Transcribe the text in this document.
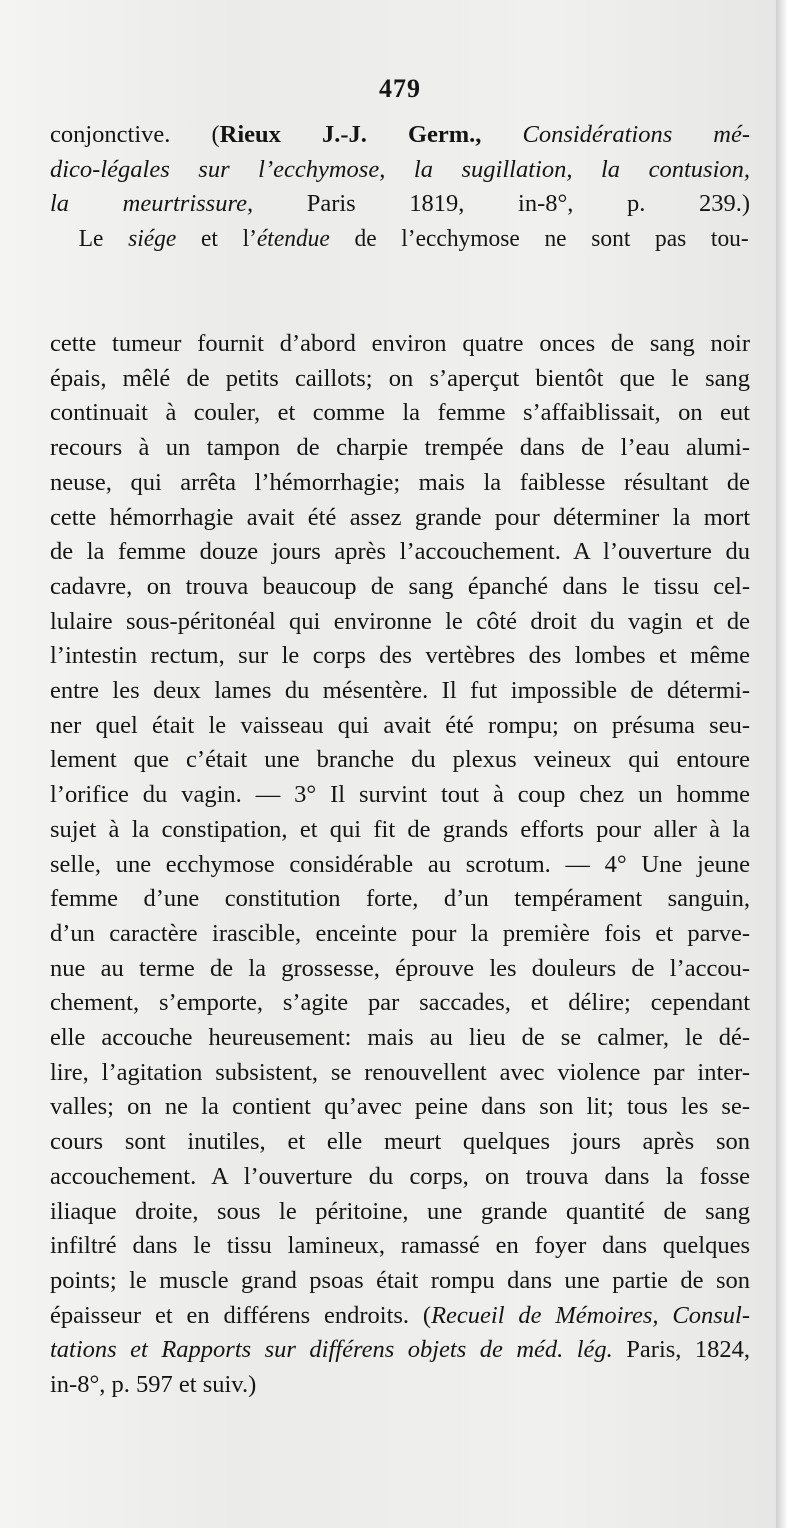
479
conjonctive. (Rieux J.-J. Germ., Considérations mé-
dico-légales sur l’ecchymose, la sugillation, la contusion,
la meurtrissure, Paris 1819, in-8°, p. 239.)
Le siége et l’étendue de l’ecchymose ne sont pas tou-
cette tumeur fournit d’abord environ quatre onces de sang noir
épais, mêlé de petits caillots; on s’aperçut bientôt que le sang
continuait à couler, et comme la femme s’affaiblissait, on eut
recours à un tampon de charpie trempée dans de l’eau alumi-
neuse, qui arrêta l’hémorrhagie; mais la faiblesse résultant de
cette hémorrhagie avait été assez grande pour déterminer la mort
de la femme douze jours après l’accouchement. A l’ouverture du
cadavre, on trouva beaucoup de sang épanché dans le tissu cel-
lulaire sous-péritonéal qui environne le côté droit du vagin et de
l’intestin rectum, sur le corps des vertèbres des lombes et même
entre les deux lames du mésentère. Il fut impossible de détermi-
ner quel était le vaisseau qui avait été rompu; on présuma seu-
lement que c’était une branche du plexus veineux qui entoure
l’orifice du vagin. — 3° Il survint tout à coup chez un homme
sujet à la constipation, et qui fit de grands efforts pour aller à la
selle, une ecchymose considérable au scrotum. — 4° Une jeune
femme d’une constitution forte, d’un tempérament sanguin,
d’un caractère irascible, enceinte pour la première fois et parve-
nue au terme de la grossesse, éprouve les douleurs de l’accou-
chement, s’emporte, s’agite par saccades, et délire; cependant
elle accouche heureusement: mais au lieu de se calmer, le dé-
lire, l’agitation subsistent, se renouvellent avec violence par inter-
valles; on ne la contient qu’avec peine dans son lit; tous les se-
cours sont inutiles, et elle meurt quelques jours après son
accouchement. A l’ouverture du corps, on trouva dans la fosse
iliaque droite, sous le péritoine, une grande quantité de sang
infiltré dans le tissu lamineux, ramassé en foyer dans quelques
points; le muscle grand psoas était rompu dans une partie de son
épaisseur et en différens endroits. (Recueil de Mémoires, Consul-
tations et Rapports sur différens objets de méd. lég. Paris, 1824,
in-8°, p. 597 et suiv.)
